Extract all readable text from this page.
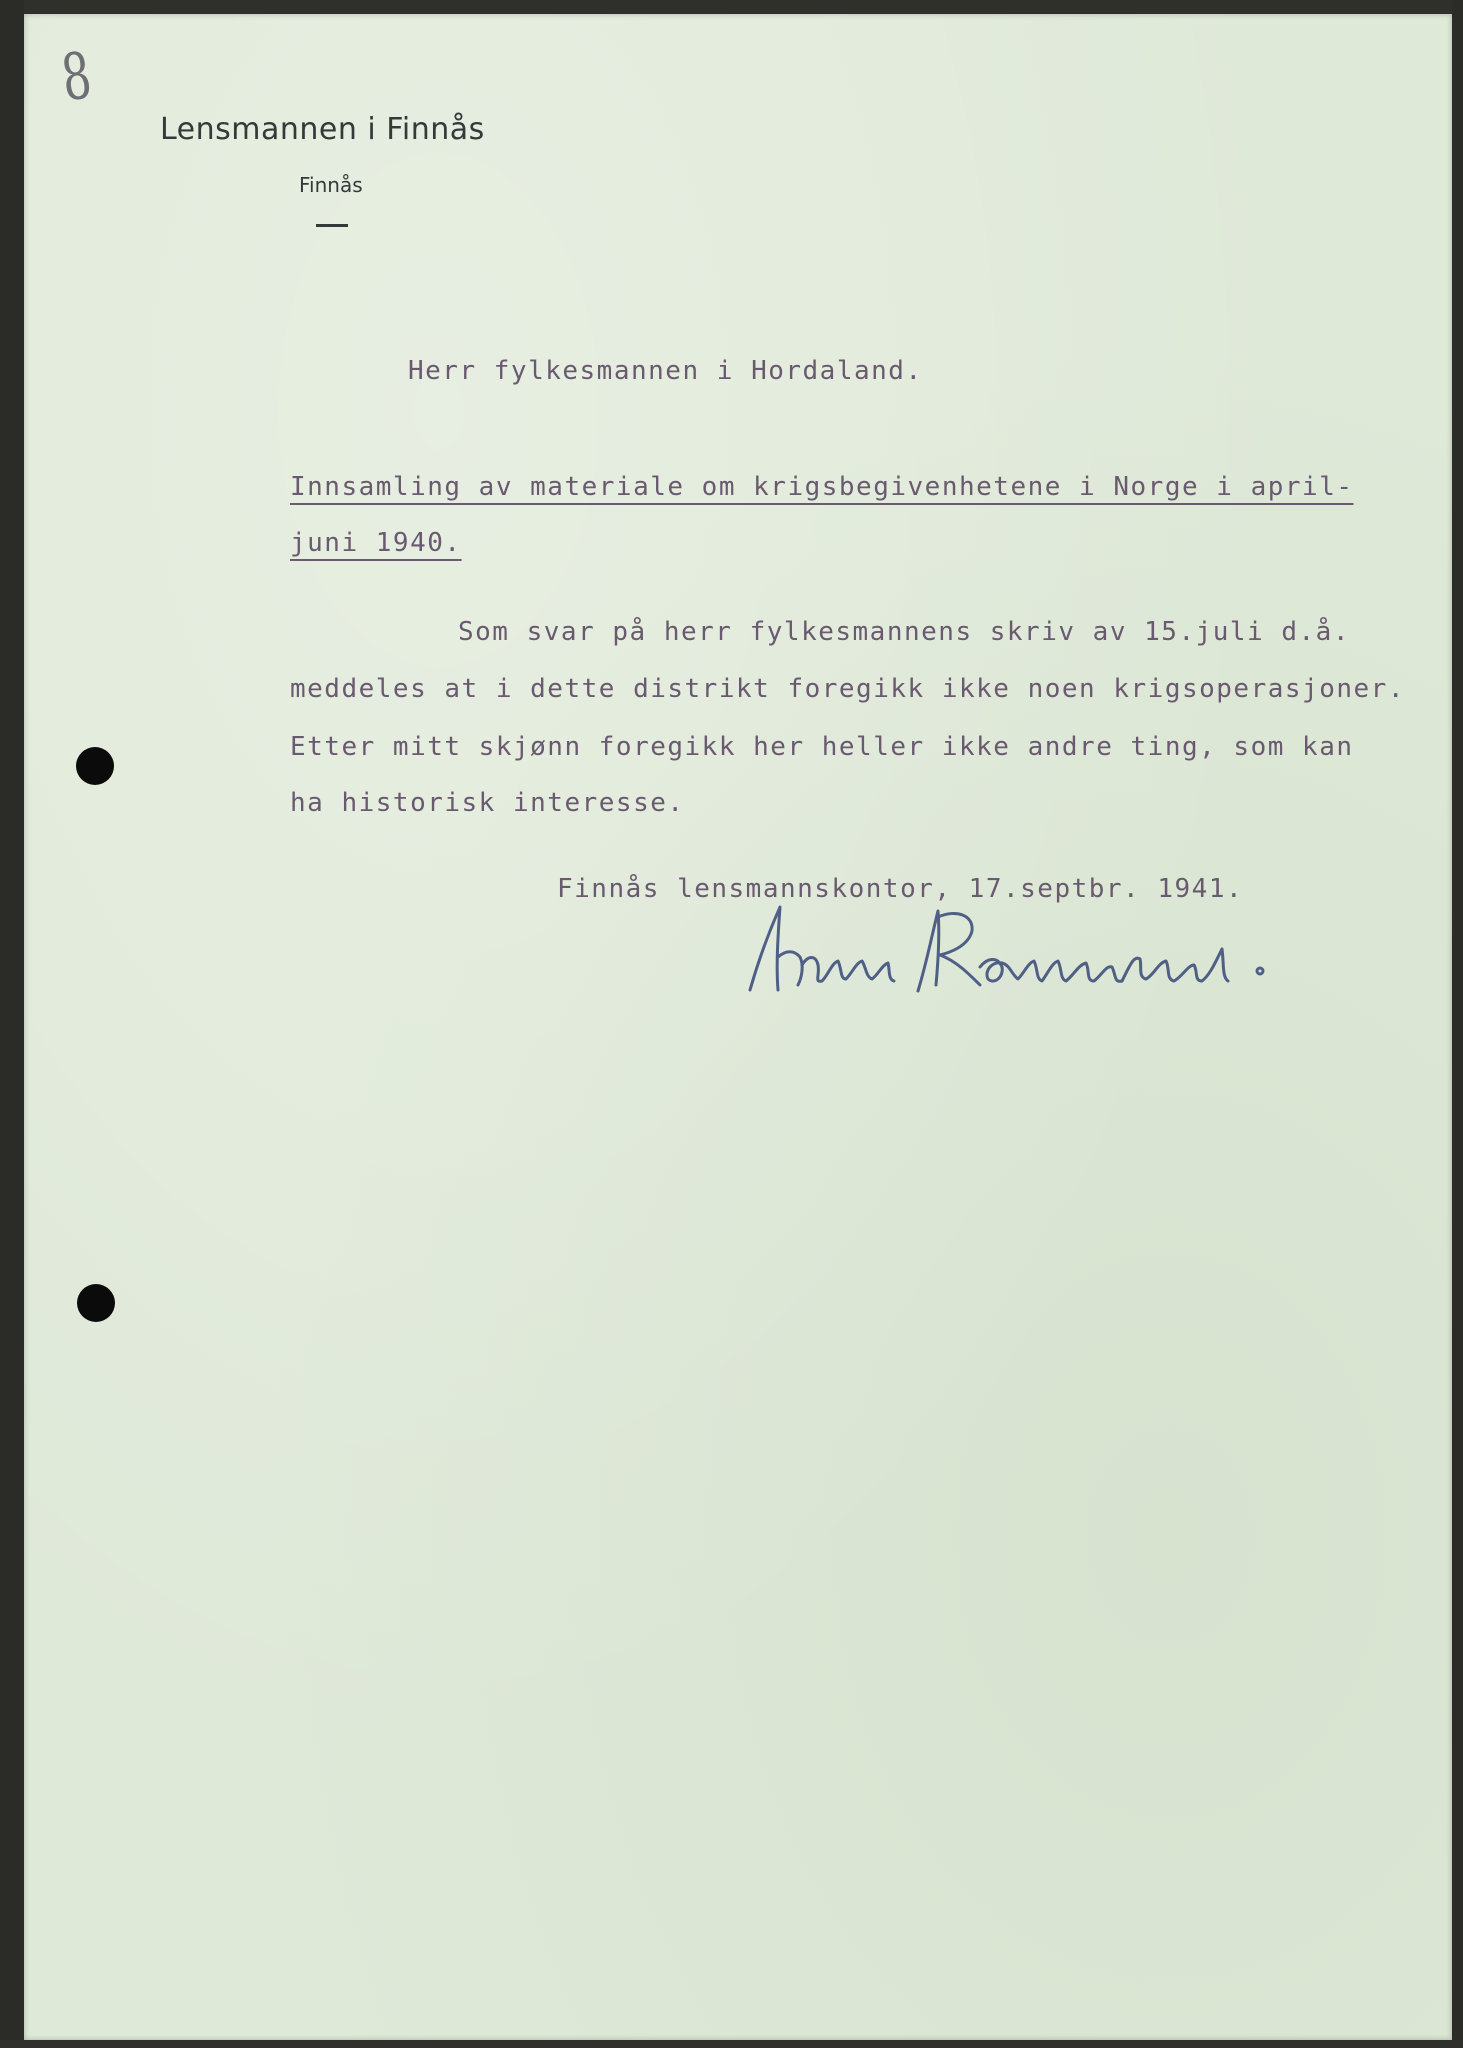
8
Lensmannen i Finnås
Finnås
Herr fylkesmannen i Hordaland.
Innsamling av materiale om krigsbegivenhetene i Norge i april-
juni 1940.
Som svar på herr fylkesmannens skriv av 15.juli d.å.
meddeles at i dette distrikt foregikk ikke noen krigsoperasjoner.
Etter mitt skjønn foregikk her heller ikke andre ting, som kan
ha historisk interesse.
Finnås lensmannskontor, 17.septbr. 1941.
